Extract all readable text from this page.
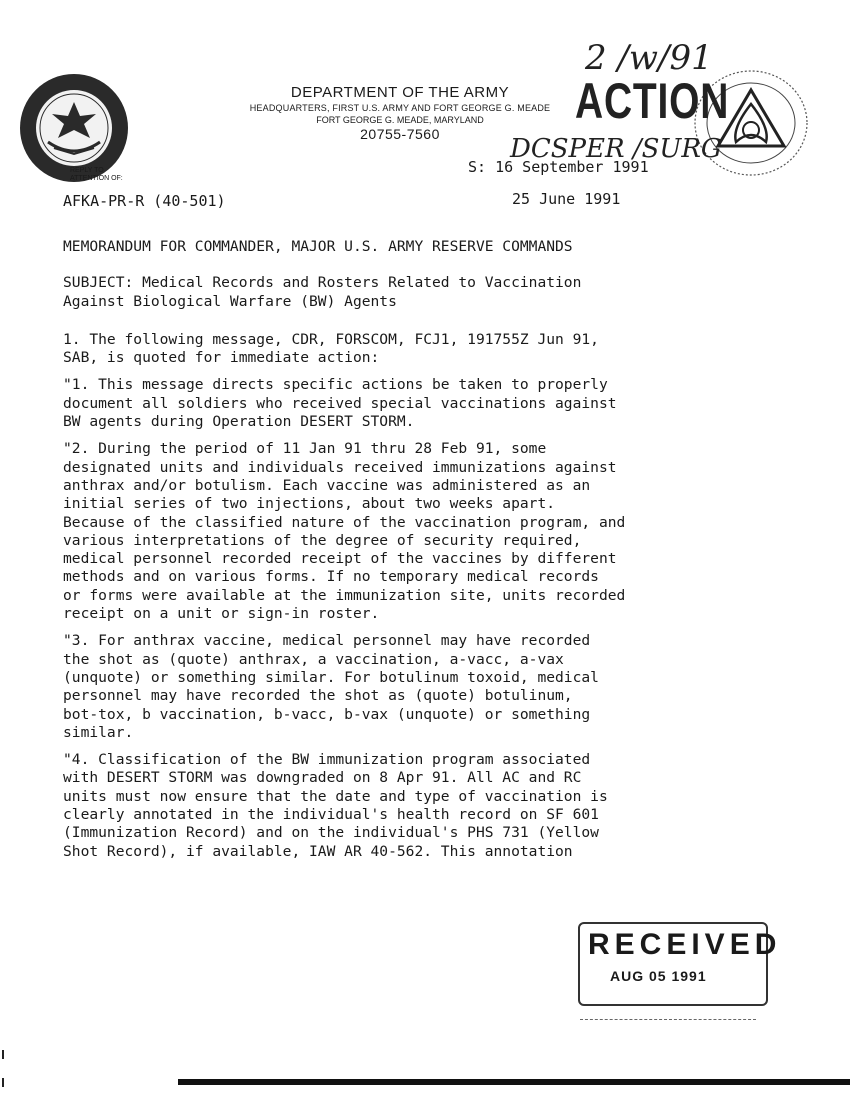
DEPARTMENT OF THE ARMY
HEADQUARTERS, FIRST U.S. ARMY AND FORT GEORGE G. MEADE
FORT GEORGE G. MEADE, MARYLAND
20755-7560
2 /w/91
ACTION
DCSPER /SURG
REPLY TO
ATTENTION OF:
S: 16 September 1991
AFKA-PR-R (40-501)	25 June 1991

MEMORANDUM FOR COMMANDER, MAJOR U.S. ARMY RESERVE COMMANDS

SUBJECT: Medical Records and Rosters Related to Vaccination

Against Biological Warfare (BW) Agents

1. The following message, CDR, FORSCOM, FCJ1, 191755Z Jun 91,

SAB, is quoted for immediate action:

"1. This message directs specific actions be taken to properly

document all soldiers who received special vaccinations against

BW agents during Operation DESERT STORM.

"2. During the period of 11 Jan 91 thru 28 Feb 91, some

designated units and individuals received immunizations against

anthrax and/or botulism. Each vaccine was administered as an

initial series of two injections, about two weeks apart.

Because of the classified nature of the vaccination program, and

various interpretations of the degree of security required,

medical personnel recorded receipt of the vaccines by different

methods and on various forms. If no temporary medical records

or forms were available at the immunization site, units recorded

receipt on a unit or sign-in roster.

"3. For anthrax vaccine, medical personnel may have recorded

the shot as (quote) anthrax, a vaccination, a-vacc, a-vax

(unquote) or something similar. For botulinum toxoid, medical

personnel may have recorded the shot as (quote) botulinum,

bot-tox, b vaccination, b-vacc, b-vax (unquote) or something

similar.

"4. Classification of the BW immunization program associated

with DESERT STORM was downgraded on 8 Apr 91. All AC and RC

units must now ensure that the date and type of vaccination is

clearly annotated in the individual's health record on SF 601

(Immunization Record) and on the individual's PHS 731 (Yellow

Shot Record), if available, IAW AR 40-562. This annotation

RECEIVED
AUG 05 1991
